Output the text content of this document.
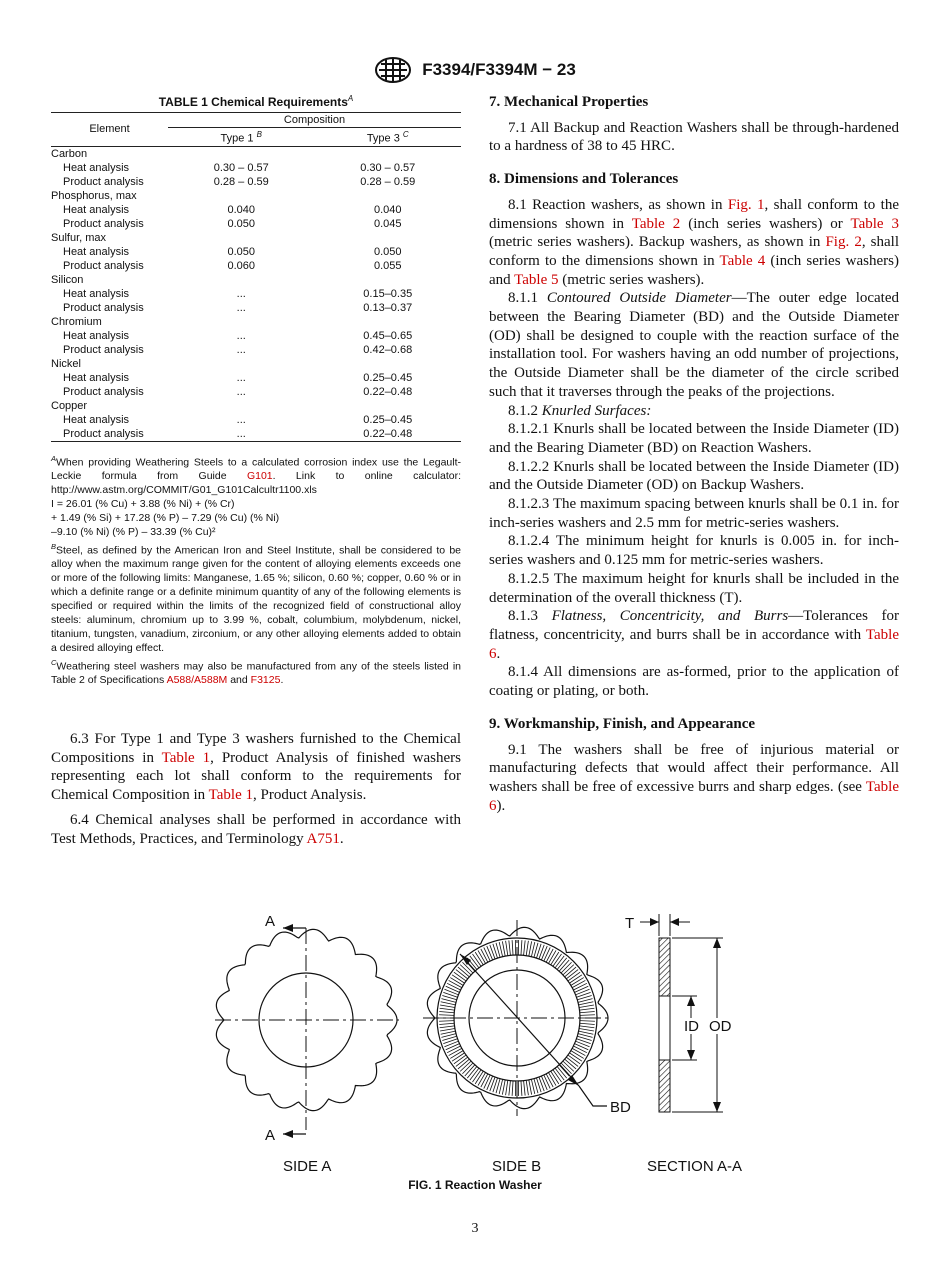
F3394/F3394M − 23
TABLE 1 Chemical Requirements$^A$
Element	Composition	
	Type 1 $^B$	Type 3 $^C$
Carbon		
Heat analysis	0.30 – 0.57	0.30 – 0.57
Product analysis	0.28 – 0.59	0.28 – 0.59
Phosphorus, max		
Heat analysis	0.040	0.040
Product analysis	0.050	0.045
Sulfur, max		
Heat analysis	0.050	0.050
Product analysis	0.060	0.055
Silicon		
Heat analysis	...	0.15–0.35
Product analysis	...	0.13–0.37
Chromium		
Heat analysis	...	0.45–0.65
Product analysis	...	0.42–0.68
Nickel		
Heat analysis	...	0.25–0.45
Product analysis	...	0.22–0.48
Copper		
Heat analysis	...	0.25–0.45
Product analysis	...	0.22–0.48

$^A$When providing Weathering Steels to a calculated corrosion index use the Legault-Leckie formula from Guide G101. Link to online calculator: http://www.astm.org/COMMIT/G01_G101Calcultr1100.xls

I = 26.01 (% Cu) + 3.88 (% Ni) + (% Cr)

+ 1.49 (% Si) + 17.28 (% P) – 7.29 (% Cu) (% Ni)

–9.10 (% Ni) (% P) – 33.39 (% Cu)²

$^B$Steel, as defined by the American Iron and Steel Institute, shall be considered to be alloy when the maximum range given for the content of alloying elements exceeds one or more of the following limits: Manganese, 1.65 %; silicon, 0.60 %; copper, 0.60 % or in which a definite range or a definite minimum quantity of any of the following elements is specified or required within the limits of the recognized field of constructional alloy steels: aluminum, chromium up to 3.99 %, cobalt, columbium, molybdenum, nickel, titanium, tungsten, vanadium, zirconium, or any other alloying elements added to obtain a desired alloying effect.

$^C$Weathering steel washers may also be manufactured from any of the steels listed in Table 2 of Specifications A588/A588M and F3125.

6.3 For Type 1 and Type 3 washers furnished to the Chemical Compositions in Table 1, Product Analysis of finished washers representing each lot shall conform to the requirements for Chemical Composition in Table 1, Product Analysis.

6.4 Chemical analyses shall be performed in accordance with Test Methods, Practices, and Terminology A751.

7. Mechanical Properties

7.1 All Backup and Reaction Washers shall be through-hardened to a hardness of 38 to 45 HRC.

8. Dimensions and Tolerances

8.1 Reaction washers, as shown in Fig. 1, shall conform to the dimensions shown in Table 2 (inch series washers) or Table 3 (metric series washers). Backup washers, as shown in Fig. 2, shall conform to the dimensions shown in Table 4 (inch series washers) and Table 5 (metric series washers).

8.1.1 Contoured Outside Diameter—The outer edge located between the Bearing Diameter (BD) and the Outside Diameter (OD) shall be designed to couple with the reaction surface of the installation tool. For washers having an odd number of projections, the Outside Diameter shall be the diameter of the circle scribed such that it traverses through the peaks of the projections.

8.1.2 Knurled Surfaces:

8.1.2.1 Knurls shall be located between the Inside Diameter (ID) and the Bearing Diameter (BD) on Reaction Washers.

8.1.2.2 Knurls shall be located between the Inside Diameter (ID) and the Outside Diameter (OD) on Backup Washers.

8.1.2.3 The maximum spacing between knurls shall be 0.1 in. for inch-series washers and 2.5 mm for metric-series washers.

8.1.2.4 The minimum height for knurls is 0.005 in. for inch-series washers and 0.125 mm for metric-series washers.

8.1.2.5 The maximum height for knurls shall be included in the determination of the overall thickness (T).

8.1.3 Flatness, Concentricity, and Burrs—Tolerances for flatness, concentricity, and burrs shall be in accordance with Table 6.

8.1.4 All dimensions are as-formed, prior to the application of coating or plating, or both.

9. Workmanship, Finish, and Appearance

9.1 The washers shall be free of injurious material or manufacturing defects that would affect their performance. All washers shall be free of excessive burrs and sharp edges. (see Table 6).

A
A
BD
T
ID OD
SIDE A	SIDE B	SECTION A-A
FIG. 1 Reaction Washer
3
